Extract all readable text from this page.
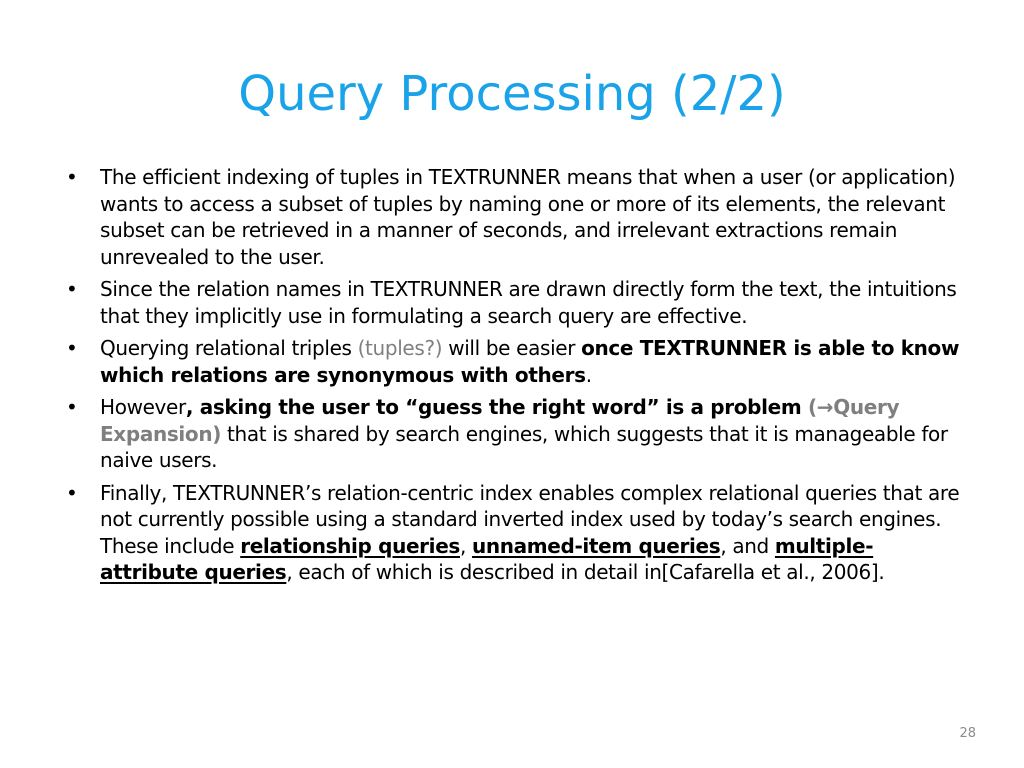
Query Processing (2/2)
• The efficient indexing of tuples in TEXTRUNNER means that when a user (or application) wants to access a subset of tuples by naming one or more of its elements, the relevant subset can be retrieved in a manner of seconds, and irrelevant extractions remain unrevealed to the user.
• Since the relation names in TEXTRUNNER are drawn directly form the text, the intuitions that they implicitly use in formulating a search query are effective.
• Querying relational triples (tuples?) will be easier once TEXTRUNNER is able to know which relations are synonymous with others.
• However, asking the user to “guess the right word” is a problem (→Query Expansion) that is shared by search engines, which suggests that it is manageable for naive users.
• Finally, TEXTRUNNER’s relation-centric index enables complex relational queries that are not currently possible using a standard inverted index used by today’s search engines. These include relationship queries, unnamed-item queries, and multiple-attribute queries, each of which is described in detail in[Cafarella et al., 2006].
28
